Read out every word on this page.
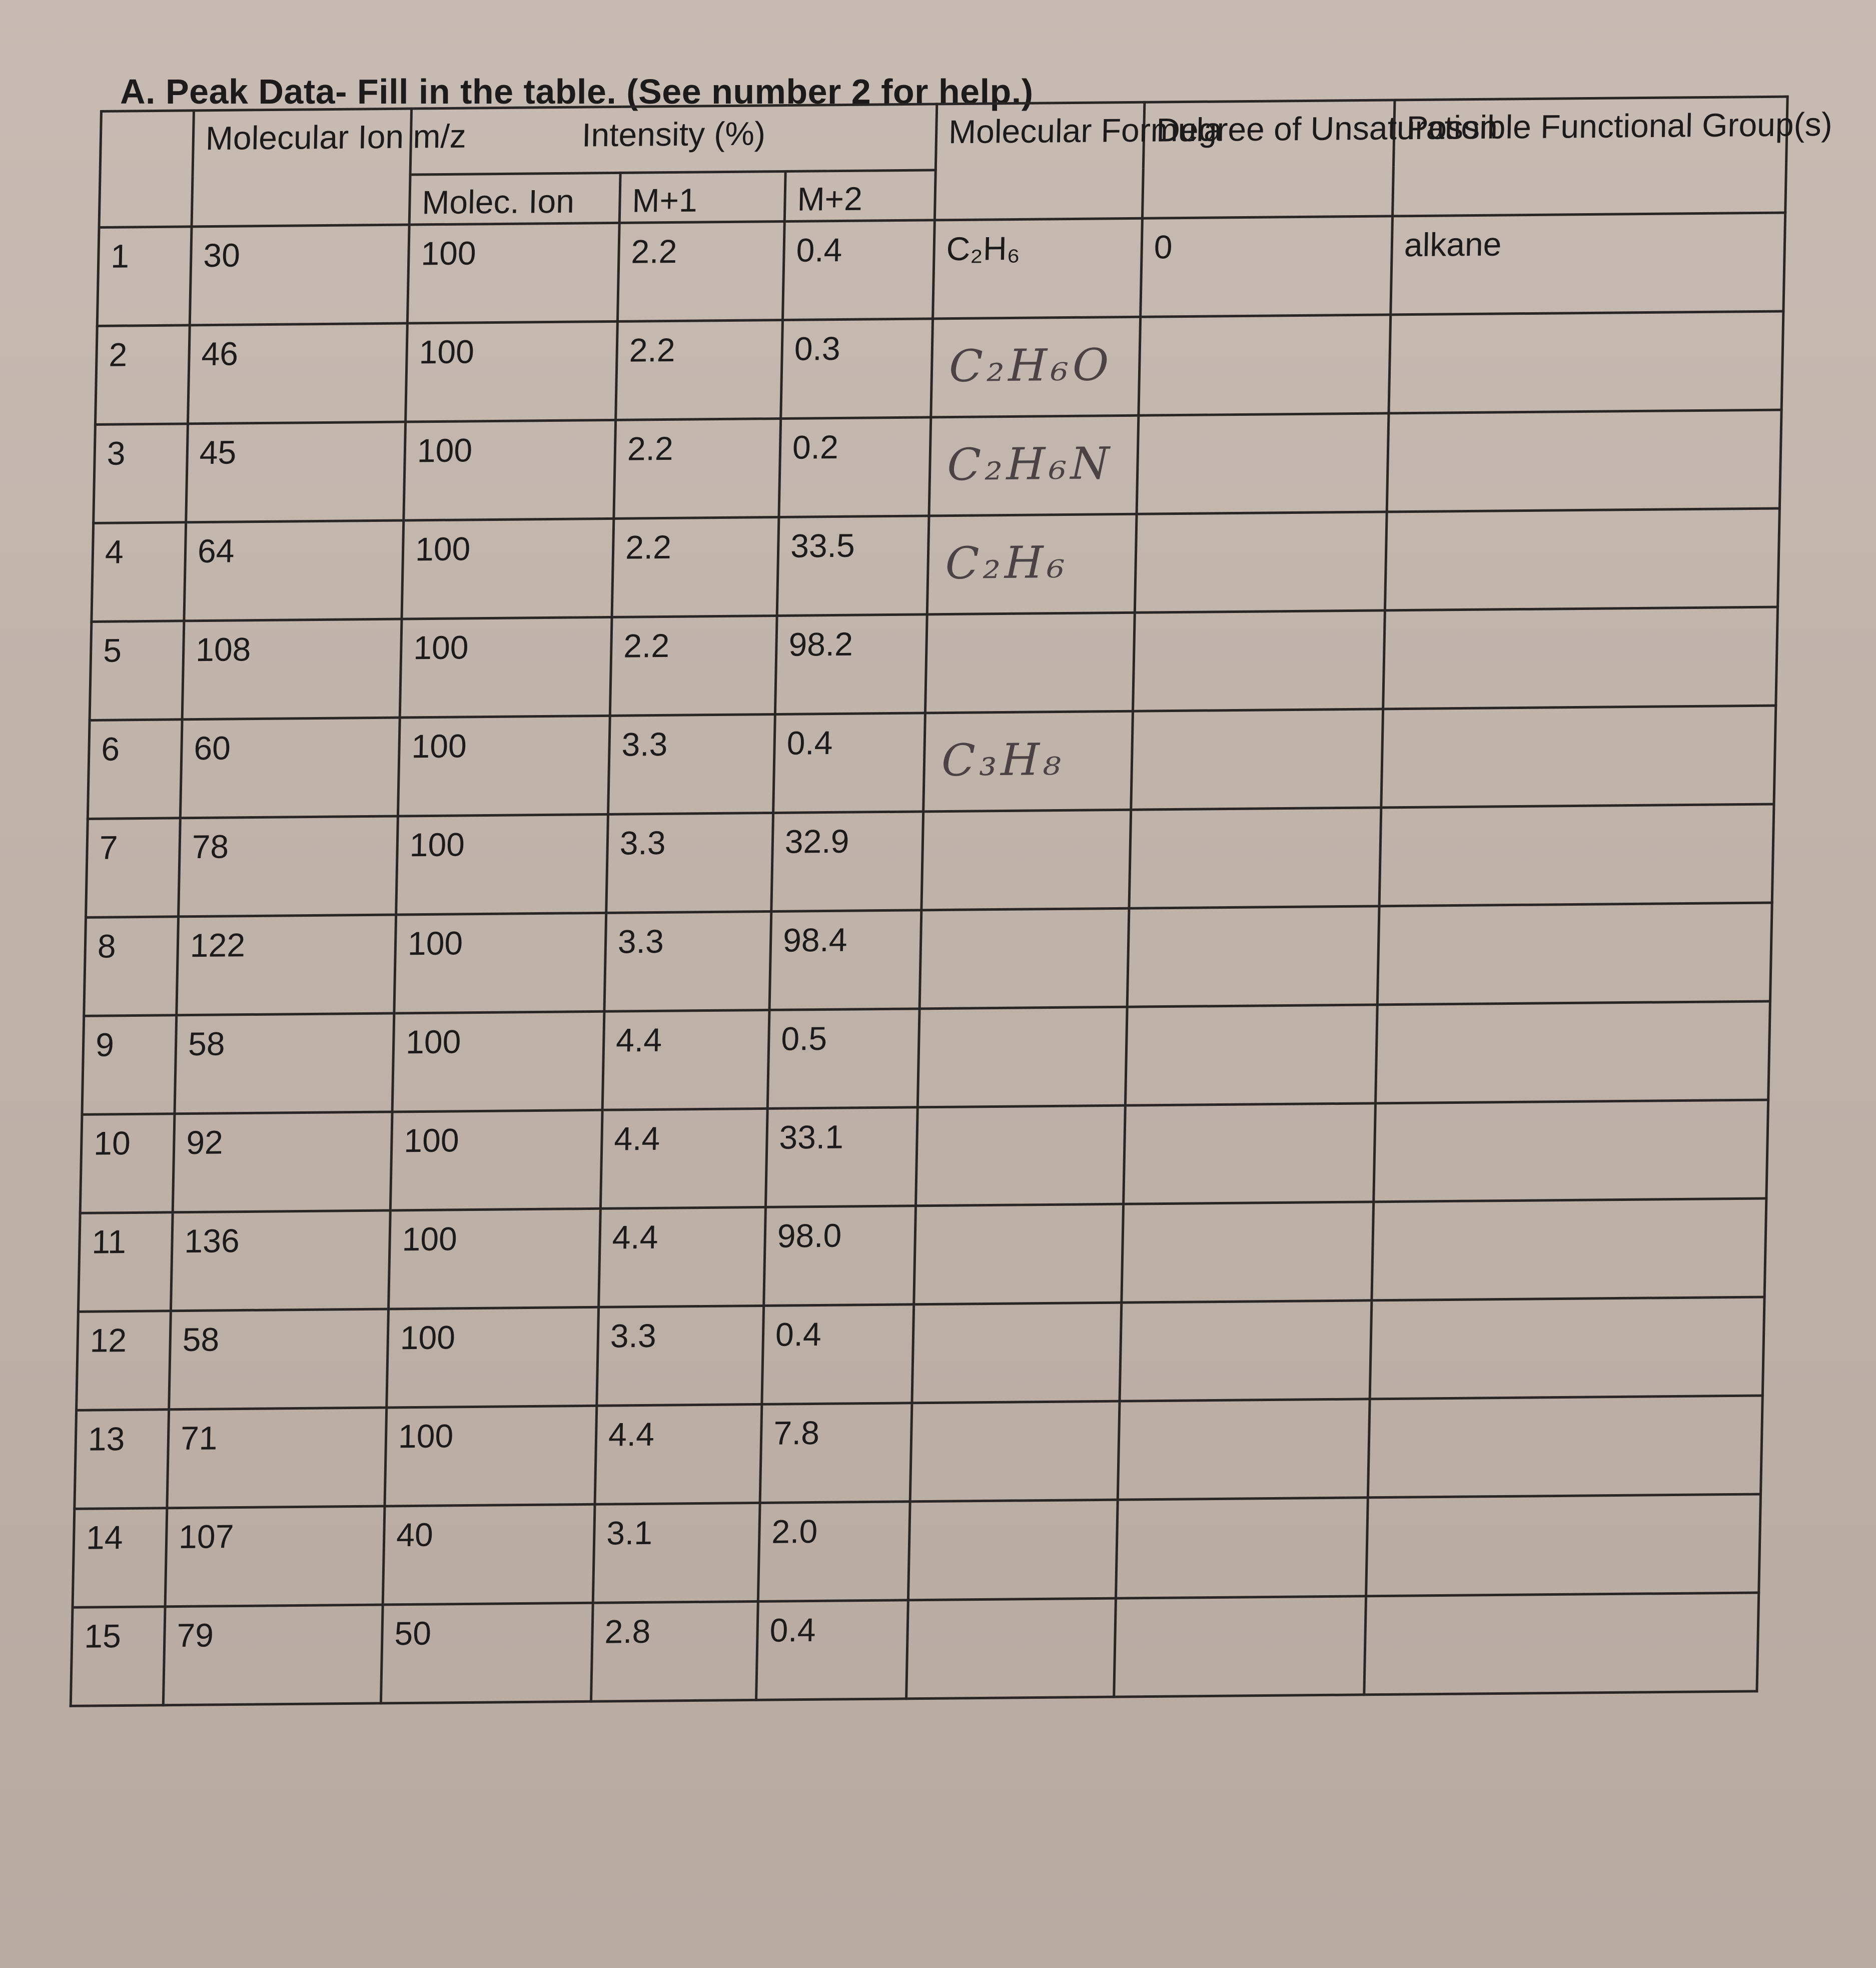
A. Peak Data- Fill in the table. (See number 2 for help.)
	Molecular Ion m/z	Intensity (%)			Molecular Formula	Degree of Unsaturation	Possible Functional Group(s)
		Molec. Ion	M+1	M+2			
1	30	100	2.2	0.4	C₂H₆	0	alkane
2	46	100	2.2	0.3	C₂H₆O		

3	45	100	2.2	0.2	C₂H₆N		

4	64	100	2.2	33.5	C₂H₆		

5	108	100	2.2	98.2			
6	60	100	3.3	0.4	C₃H₈		

7	78	100	3.3	32.9			
8	122	100	3.3	98.4			
9	58	100	4.4	0.5			
10	92	100	4.4	33.1			
11	136	100	4.4	98.0			
12	58	100	3.3	0.4			
13	71	100	4.4	7.8			
14	107	40	3.1	2.0			
15	79	50	2.8	0.4			
